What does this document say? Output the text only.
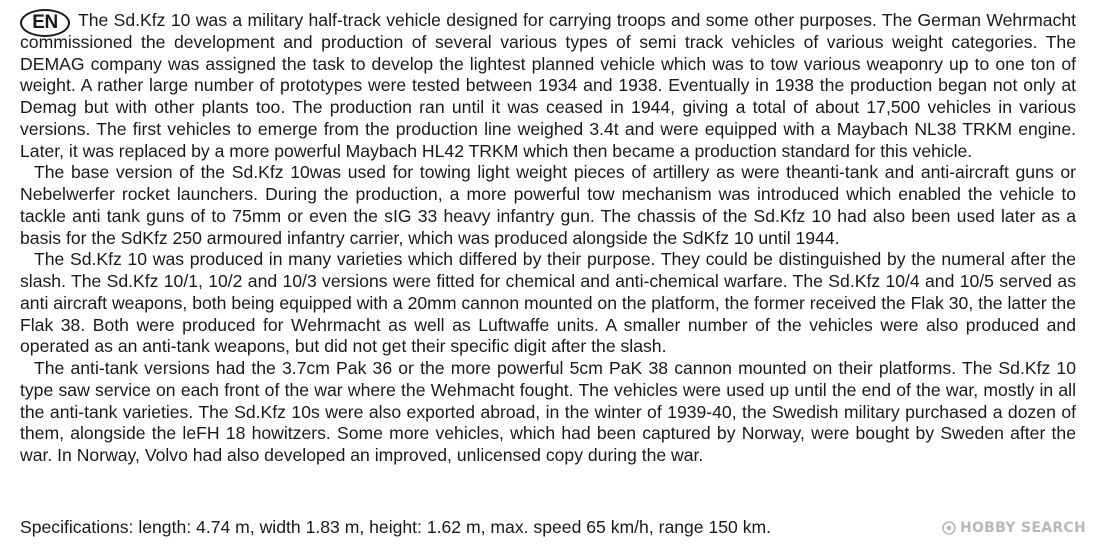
EN	The Sd.Kfz 10 was a military half-track vehicle designed for carrying troops and some other purposes. The German Wehrmacht commissioned the development and production of several various types of semi track vehicles of various weight categories. The DEMAG company was assigned the task to develop the lightest planned vehicle which was to tow various weaponry up to one ton of weight. A rather large number of prototypes were tested between 1934 and 1938. Eventually in 1938 the production began not only at Demag but with other plants too. The production ran until it was ceased in 1944, giving a total of about 17,500 vehicles in various versions. The first vehicles to emerge from the production line weighed 3.4t and were equipped with a Maybach NL38 TRKM engine. Later, it was replaced by a more powerful Maybach HL42 TRKM which then became a production standard for this vehicle.

The base version of the Sd.Kfz 10was used for towing light weight pieces of artillery as were theanti-tank and anti-aircraft guns or Nebelwerfer rocket launchers. During the production, a more powerful tow mechanism was introduced which enabled the vehicle to tackle anti tank guns of to 75mm or even the sIG 33 heavy infantry gun. The chassis of the Sd.Kfz 10 had also been used later as a basis for the SdKfz 250 armoured infantry carrier, which was produced alongside the SdKfz 10 until 1944.

The Sd.Kfz 10 was produced in many varieties which differed by their purpose. They could be distinguished by the numeral after the slash. The Sd.Kfz 10/1, 10/2 and 10/3 versions were fitted for chemical and anti-chemical warfare. The Sd.Kfz 10/4 and 10/5 served as anti aircraft weapons, both being equipped with a 20mm cannon mounted on the platform, the former received the Flak 30, the latter the Flak 38. Both were produced for Wehrmacht as well as Luftwaffe units. A smaller number of the vehicles were also produced and operated as an anti-tank weapons, but did not get their specific digit after the slash.

The anti-tank versions had the 3.7cm Pak 36 or the more powerful 5cm PaK 38 cannon mounted on their platforms. The Sd.Kfz 10 type saw service on each front of the war where the Wehmacht fought. The vehicles were used up until the end of the war, mostly in all the anti-tank varieties. The Sd.Kfz 10s were also exported abroad, in the winter of 1939-40, the Swedish military purchased a dozen of them, alongside the leFH 18 howitzers. Some more vehicles, which had been captured by Norway, were bought by Sweden after the war. In Norway, Volvo had also developed an improved, unlicensed copy during the war.

Specifications: length: 4.74 m, width 1.83 m, height: 1.62 m, max. speed 65 km/h, range 150 km.	HOBBY SEARCH
